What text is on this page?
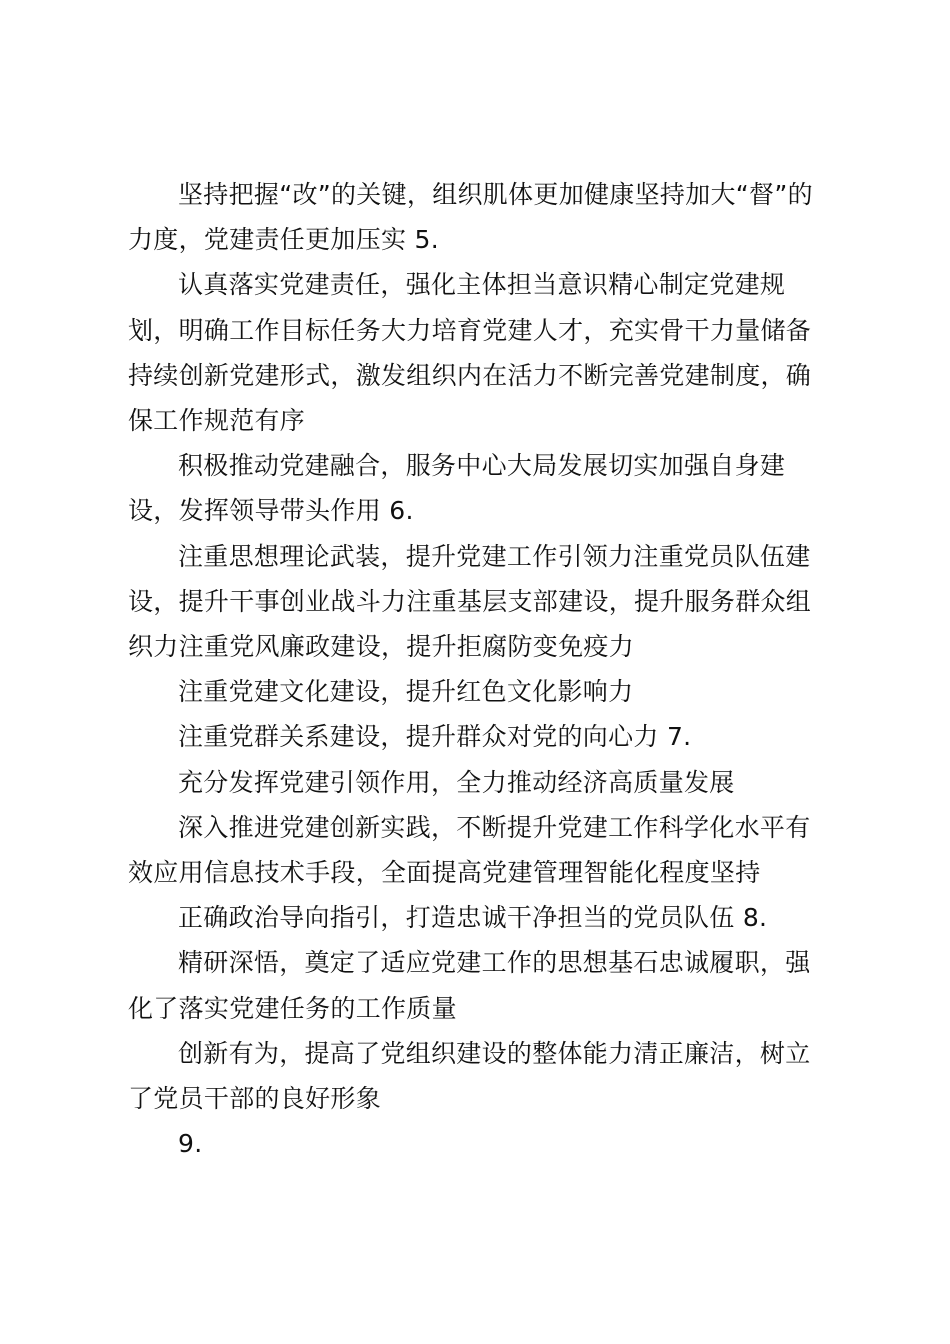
坚持把握“改”的关键，组织肌体更加健康坚持加大“督”的力度，党建责任更加压实 5.

认真落实党建责任，强化主体担当意识精心制定党建规划，明确工作目标任务大力培育党建人才，充实骨干力量储备持续创新党建形式，激发组织内在活力不断完善党建制度，确保工作规范有序

积极推动党建融合，服务中心大局发展切实加强自身建设，发挥领导带头作用 6.

注重思想理论武装，提升党建工作引领力注重党员队伍建设，提升干事创业战斗力注重基层支部建设，提升服务群众组织力注重党风廉政建设，提升拒腐防变免疫力

注重党建文化建设，提升红色文化影响力

注重党群关系建设，提升群众对党的向心力 7.

充分发挥党建引领作用，全力推动经济高质量发展

深入推进党建创新实践，不断提升党建工作科学化水平有效应用信息技术手段，全面提高党建管理智能化程度坚持

正确政治导向指引，打造忠诚干净担当的党员队伍 8.

精研深悟，奠定了适应党建工作的思想基石忠诚履职，强化了落实党建任务的工作质量

创新有为，提高了党组织建设的整体能力清正廉洁，树立了党员干部的良好形象

9.
